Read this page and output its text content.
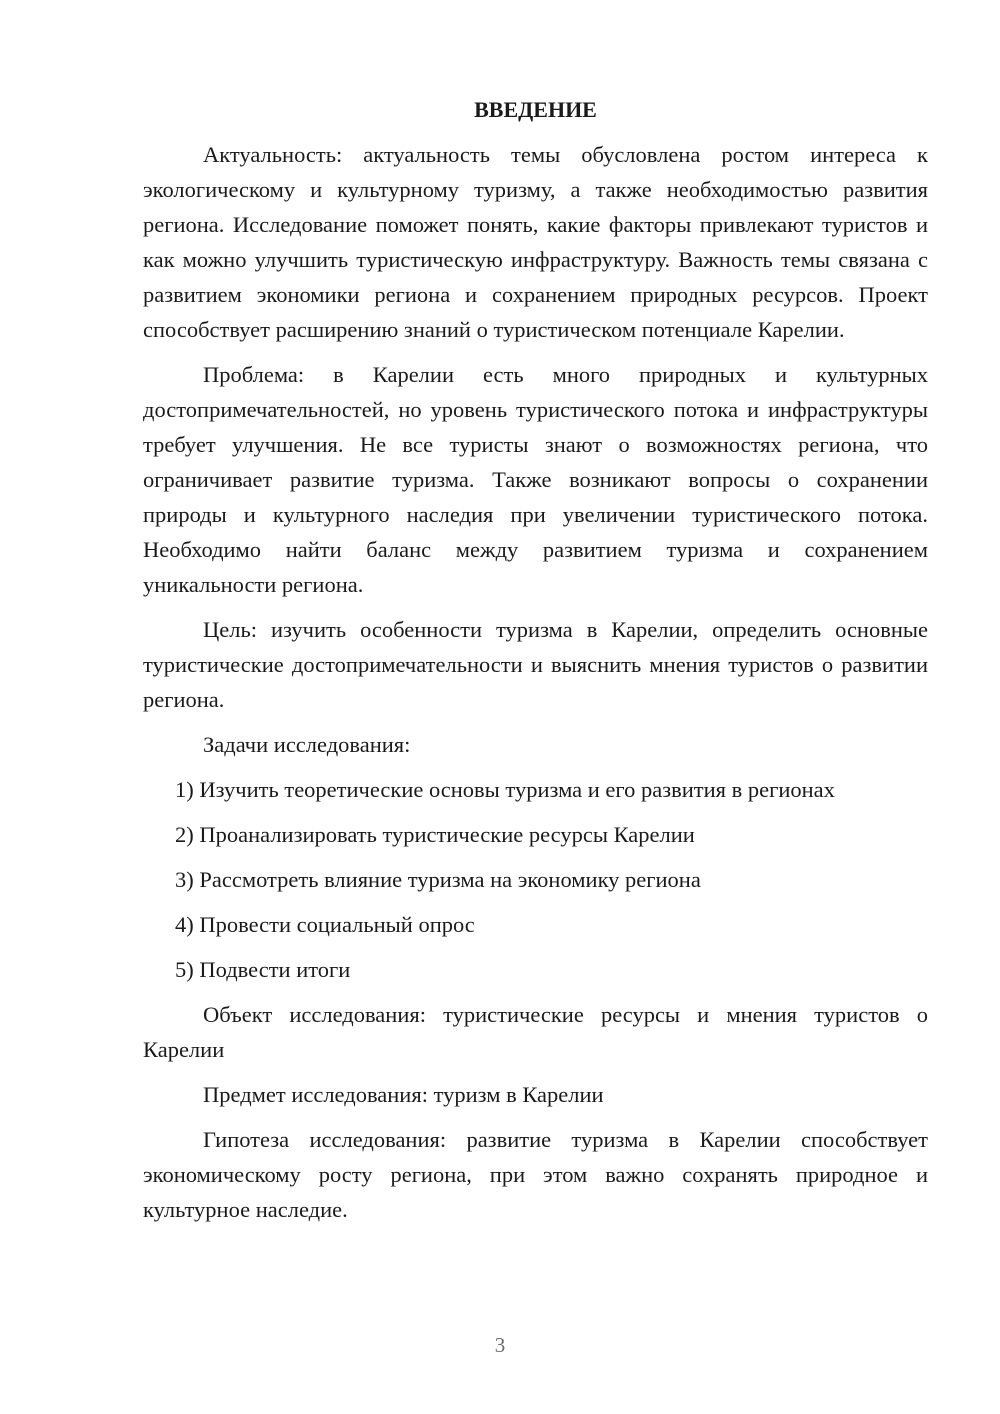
ВВЕДЕНИЕ

Актуальность: актуальность темы обусловлена ростом интереса к экологическому и культурному туризму, а также необходимостью развития региона. Исследование поможет понять, какие факторы привлекают туристов и как можно улучшить туристическую инфраструктуру. Важность темы связана с развитием экономики региона и сохранением природных ресурсов. Проект способствует расширению знаний о туристическом потенциале Карелии.

Проблема: в Карелии есть много природных и культурных достопримечательностей, но уровень туристического потока и инфраструктуры требует улучшения. Не все туристы знают о возможностях региона, что ограничивает развитие туризма. Также возникают вопросы о сохранении природы и культурного наследия при увеличении туристического потока. Необходимо найти баланс между развитием туризма и сохранением уникальности региона.

Цель: изучить особенности туризма в Карелии, определить основные туристические достопримечательности и выяснить мнения туристов о развитии региона.

Задачи исследования:

1) Изучить теоретические основы туризма и его развития в регионах
2) Проанализировать туристические ресурсы Карелии
3) Рассмотреть влияние туризма на экономику региона
4) Провести социальный опрос
5) Подвести итоги

Объект исследования: туристические ресурсы и мнения туристов о Карелии

Предмет исследования: туризм в Карелии

Гипотеза исследования: развитие туризма в Карелии способствует экономическому росту региона, при этом важно сохранять природное и культурное наследие.

3
